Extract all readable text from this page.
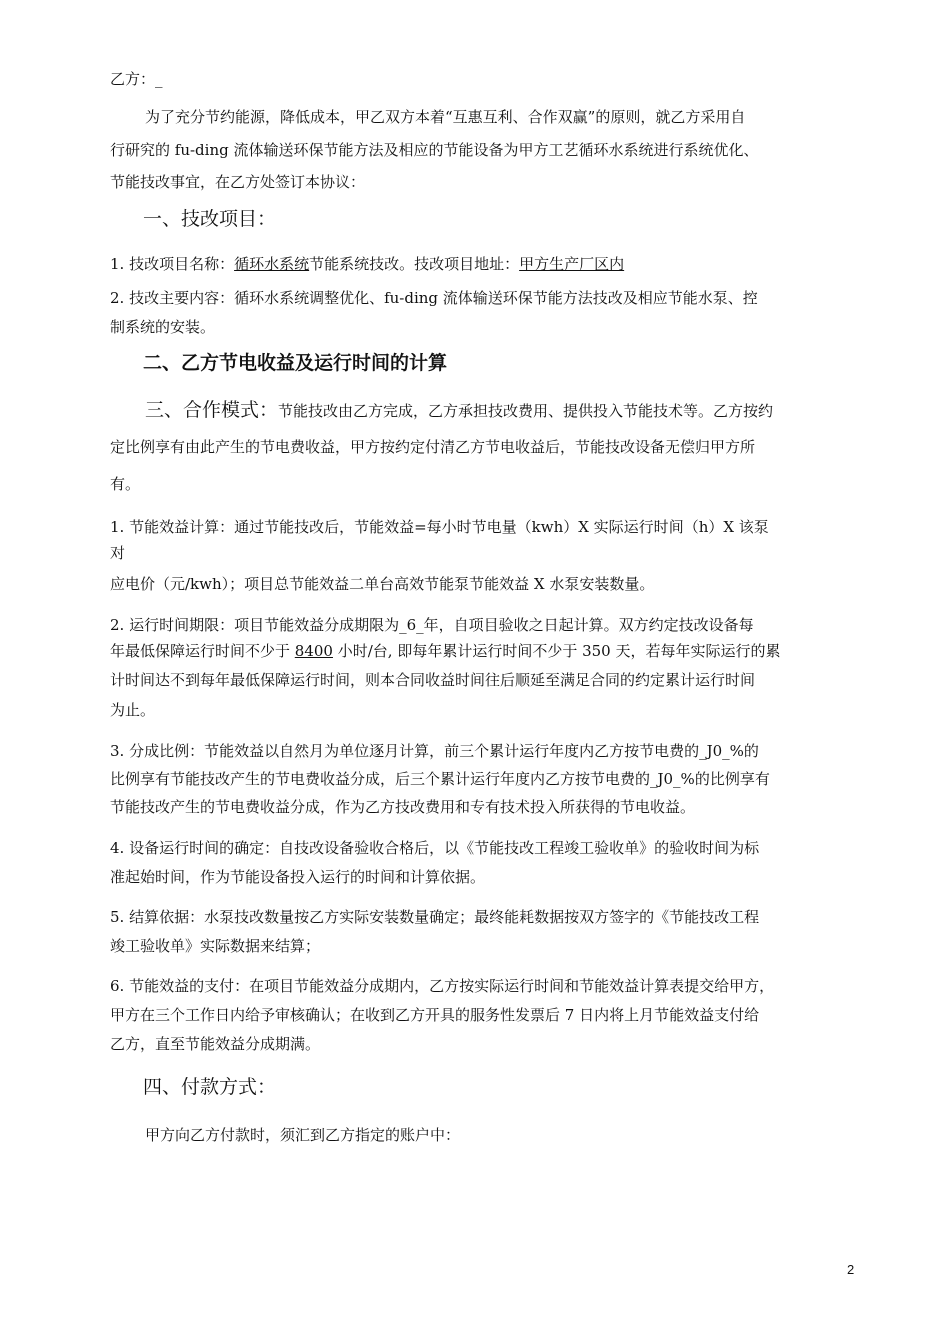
乙方：_
为了充分节约能源，降低成本，甲乙双方本着“互惠互利、合作双赢”的原则，就乙方采用自
行研究的 fu-ding 流体输送环保节能方法及相应的节能设备为甲方工艺循环水系统进行系统优化、
节能技改事宜，在乙方处签订本协议：
一、技改项目：
1. 技改项目名称：循环水系统节能系统技改。技改项目地址：甲方生产厂区内
2. 技改主要内容：循环水系统调整优化、fu-ding 流体输送环保节能方法技改及相应节能水泵、控
制系统的安装。
二、乙方节电收益及运行时间的计算
三、合作模式：节能技改由乙方完成，乙方承担技改费用、提供投入节能技术等。乙方按约
定比例享有由此产生的节电费收益，甲方按约定付清乙方节电收益后，节能技改设备无偿归甲方所
有。
1. 节能效益计算：通过节能技改后，节能效益=每小时节电量（kwh）X 实际运行时间（h）X 该泵
对
应电价（元/kwh）；项目总节能效益二单台高效节能泵节能效益 X 水泵安装数量。
2. 运行时间期限：项目节能效益分成期限为_6_年，自项目验收之日起计算。双方约定技改设备每
年最低保障运行时间不少于 8400 小时/台, 即每年累计运行时间不少于 350 天，若每年实际运行的累
计时间达不到每年最低保障运行时间，则本合同收益时间往后顺延至满足合同的约定累计运行时间
为止。
3. 分成比例：节能效益以自然月为单位逐月计算，前三个累计运行年度内乙方按节电费的_J0_%的
比例享有节能技改产生的节电费收益分成，后三个累计运行年度内乙方按节电费的_J0_%的比例享有
节能技改产生的节电费收益分成，作为乙方技改费用和专有技术投入所获得的节电收益。
4. 设备运行时间的确定：自技改设备验收合格后，以《节能技改工程竣工验收单》的验收时间为标
准起始时间，作为节能设备投入运行的时间和计算依据。
5. 结算依据：水泵技改数量按乙方实际安装数量确定；最终能耗数据按双方签字的《节能技改工程
竣工验收单》实际数据来结算；
6. 节能效益的支付：在项目节能效益分成期内，乙方按实际运行时间和节能效益计算表提交给甲方，
甲方在三个工作日内给予审核确认；在收到乙方开具的服务性发票后 7 日内将上月节能效益支付给
乙方，直至节能效益分成期满。
四、付款方式：
甲方向乙方付款时，须汇到乙方指定的账户中：
2
